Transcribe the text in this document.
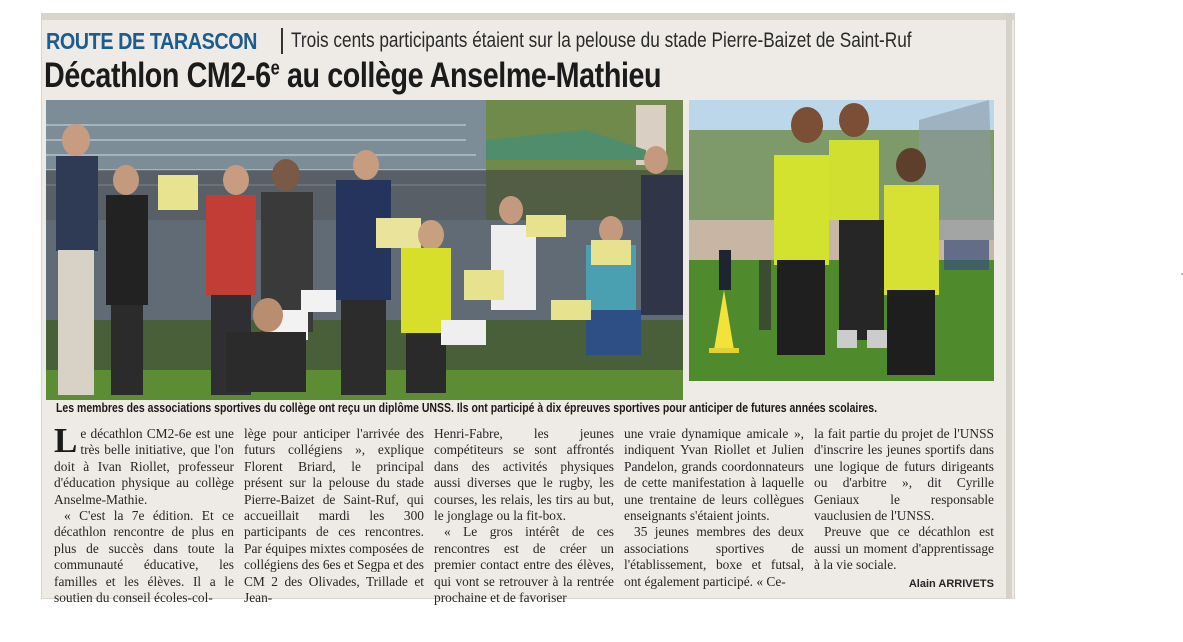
ROUTE DE TARASCON Trois cents participants étaient sur la pelouse du stade Pierre-Baizet de Saint-Ruf
Décathlon CM2-6e au collège Anselme-Mathieu
Les membres des associations sportives du collège ont reçu un diplôme UNSS. Ils ont participé à dix épreuves sportives pour anticiper de futures années scolaires.

Le décathlon CM2-6e est une très belle initiative, que l'on doit à Ivan Riollet, professeur d'éducation physique au collège Anselme-Mathie.

« C'est la 7e édition. Et ce décathlon rencontre de plus en plus de succès dans toute la communauté éducative, les familles et les élèves. Il a le soutien du conseil écoles-col-

lège pour anticiper l'arrivée des futurs collégiens », explique Florent Briard, le principal présent sur la pelouse du stade Pierre-Baizet de Saint-Ruf, qui accueillait mardi les 300 participants de ces rencontres. Par équipes mixtes composées de collégiens des 6es et Segpa et des CM 2 des Olivades, Trillade et Jean-

Henri-Fabre, les jeunes compétiteurs se sont affrontés dans des activités physiques aussi diverses que le rugby, les courses, les relais, les tirs au but, le jonglage ou la fit-box.

« Le gros intérêt de ces rencontres est de créer un premier contact entre des élèves, qui vont se retrouver à la rentrée prochaine et de favoriser

une vraie dynamique amicale », indiquent Yvan Riollet et Julien Pandelon, grands coordonnateurs de cette manifestation à laquelle une trentaine de leurs collègues enseignants s'étaient joints.

35 jeunes membres des deux associations sportives de l'établissement, boxe et futsal, ont également participé. « Ce-

la fait partie du projet de l'UNSS d'inscrire les jeunes sportifs dans une logique de futurs dirigeants ou d'arbitre », dit Cyrille Geniaux le responsable vauclusien de l'UNSS.

Preuve que ce décathlon est aussi un moment d'apprentissage à la vie sociale.

Alain ARRIVETS
